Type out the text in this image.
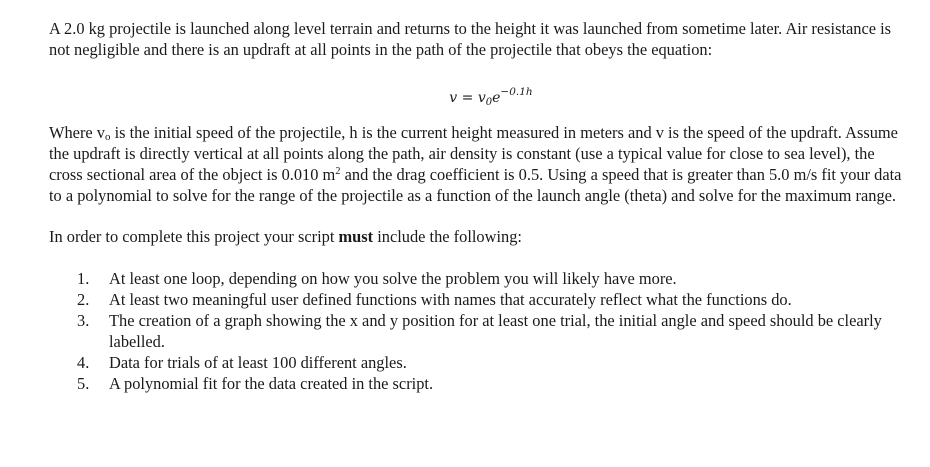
A 2.0 kg projectile is launched along level terrain and returns to the height it was launched from sometime later. Air resistance is not negligible and there is an updraft at all points in the path of the projectile that obeys the equation:

$v = v_0e^{-0.1h}$

Where vo is the initial speed of the projectile, h is the current height measured in meters and v is the speed of the updraft. Assume the updraft is directly vertical at all points along the path, air density is constant (use a typical value for close to sea level), the cross sectional area of the object is 0.010 $m^2$ and the drag coefficient is 0.5. Using a speed that is greater than 5.0 m/s fit your data to a polynomial to solve for the range of the projectile as a function of the launch angle (theta) and solve for the maximum range.

In order to complete this project your script must include the following:

1. At least one loop, depending on how you solve the problem you will likely have more.
2. At least two meaningful user defined functions with names that accurately reflect what the functions do.
3. The creation of a graph showing the x and y position for at least one trial, the initial angle and speed should be clearly labelled.
4. Data for trials of at least 100 different angles.
5. A polynomial fit for the data created in the script.
